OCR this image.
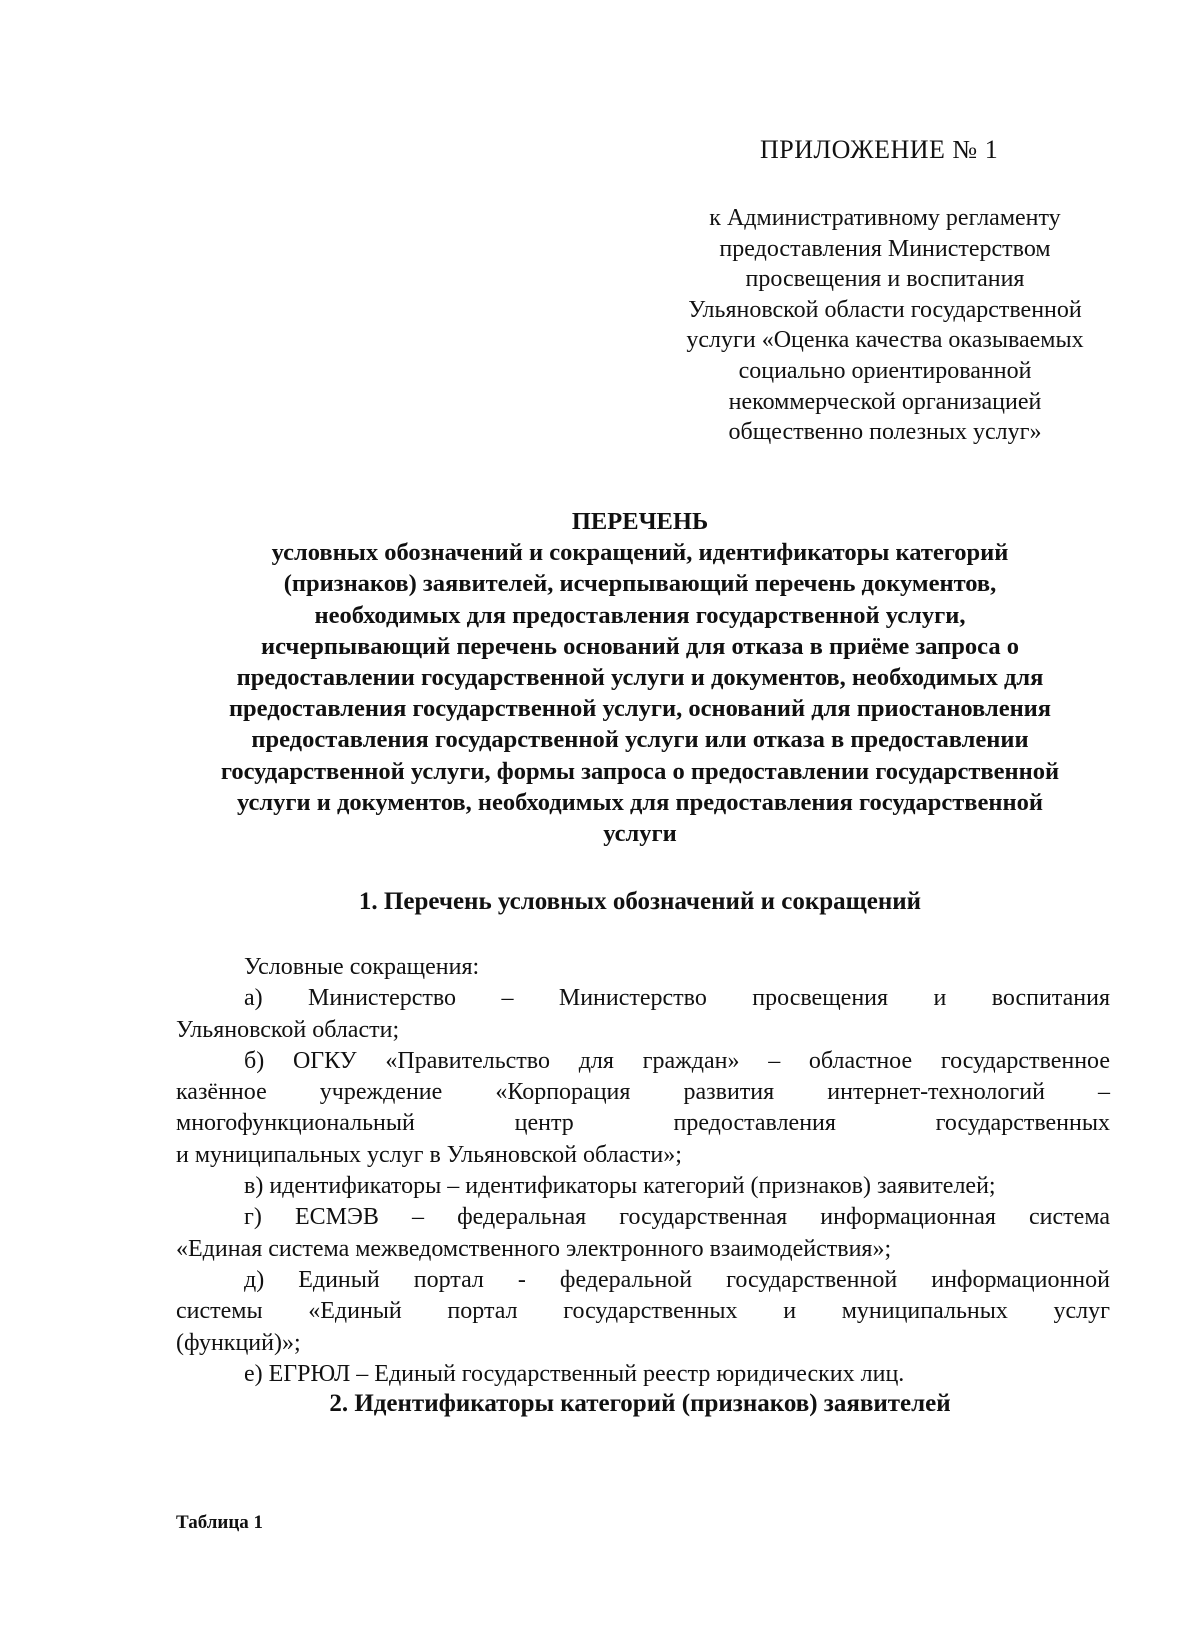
ПРИЛОЖЕНИЕ № 1
к Административному регламенту
предоставления Министерством
просвещения и воспитания
Ульяновской области государственной
услуги «Оценка качества оказываемых
социально ориентированной
некоммерческой организацией
общественно полезных услуг»
ПЕРЕЧЕНЬ
условных обозначений и сокращений, идентификаторы категорий
(признаков) заявителей, исчерпывающий перечень документов,
необходимых для предоставления государственной услуги,
исчерпывающий перечень оснований для отказа в приёме запроса о
предоставлении государственной услуги и документов, необходимых для
предоставления государственной услуги, оснований для приостановления
предоставления государственной услуги или отказа в предоставлении
государственной услуги, формы запроса о предоставлении государственной
услуги и документов, необходимых для предоставления государственной
услуги
1. Перечень условных обозначений и сокращений
Условные сокращения:
а) Министерство – Министерство просвещения и воспитания
Ульяновской области;
б) ОГКУ «Правительство для граждан» – областное государственное
казённое учреждение «Корпорация развития интернет-технологий –
многофункциональный центр предоставления государственных
и муниципальных услуг в Ульяновской области»;
в) идентификаторы – идентификаторы категорий (признаков) заявителей;
г) ЕСМЭВ – федеральная государственная информационная система
«Единая система межведомственного электронного взаимодействия»;
д) Единый портал - федеральной государственной информационной
системы «Единый портал государственных и муниципальных услуг
(функций)»;
е) ЕГРЮЛ – Единый государственный реестр юридических лиц.
2. Идентификаторы категорий (признаков) заявителей
Таблица 1
